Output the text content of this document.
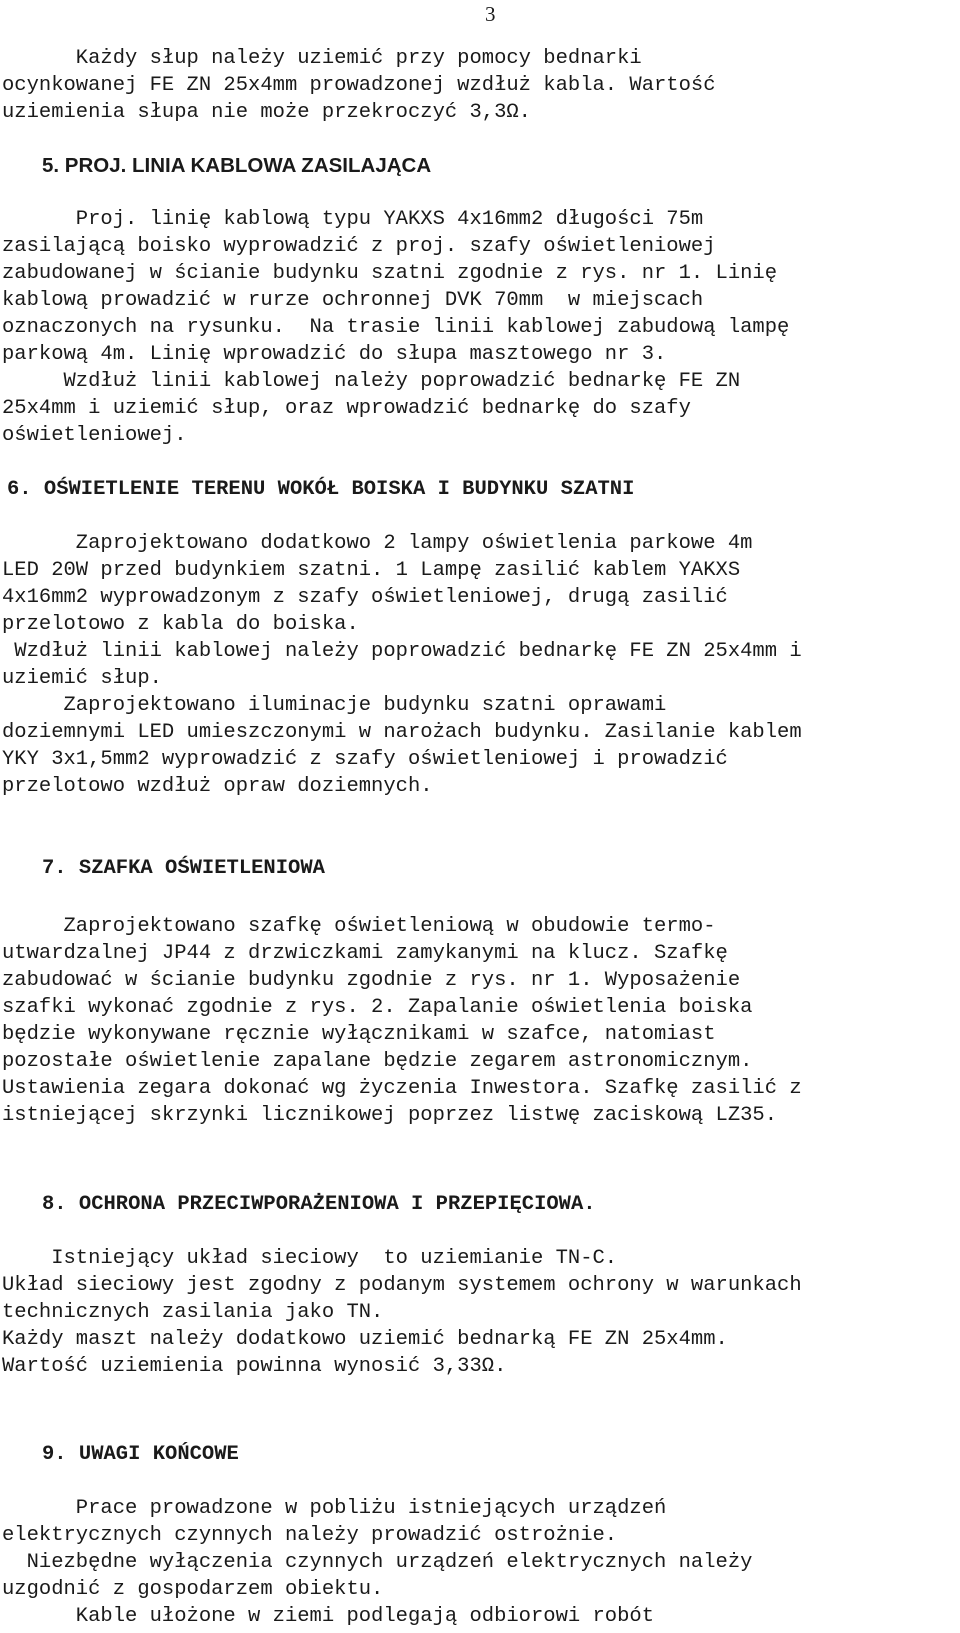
3
Każdy słup należy uziemić przy pomocy bednarki
ocynkowanej FE ZN 25x4mm prowadzonej wzdłuż kabla. Wartość
uziemienia słupa nie może przekroczyć 3,3Ω.
5. PROJ. LINIA KABLOWA ZASILAJĄCA
Proj. linię kablową typu YAKXS 4x16mm2 długości 75m
zasilającą boisko wyprowadzić z proj. szafy oświetleniowej
zabudowanej w ścianie budynku szatni zgodnie z rys. nr 1. Linię
kablową prowadzić w rurze ochronnej DVK 70mm  w miejscach
oznaczonych na rysunku.  Na trasie linii kablowej zabudową lampę
parkową 4m. Linię wprowadzić do słupa masztowego nr 3.
Wzdłuż linii kablowej należy poprowadzić bednarkę FE ZN
25x4mm i uziemić słup, oraz wprowadzić bednarkę do szafy
oświetleniowej.
6. OŚWIETLENIE TERENU WOKÓŁ BOISKA I BUDYNKU SZATNI
Zaprojektowano dodatkowo 2 lampy oświetlenia parkowe 4m
LED 20W przed budynkiem szatni. 1 Lampę zasilić kablem YAKXS
4x16mm2 wyprowadzonym z szafy oświetleniowej, drugą zasilić
przelotowo z kabla do boiska.
Wzdłuż linii kablowej należy poprowadzić bednarkę FE ZN 25x4mm i
uziemić słup.
Zaprojektowano iluminacje budynku szatni oprawami
doziemnymi LED umieszczonymi w narożach budynku. Zasilanie kablem
YKY 3x1,5mm2 wyprowadzić z szafy oświetleniowej i prowadzić
przelotowo wzdłuż opraw doziemnych.
7. SZAFKA OŚWIETLENIOWA
Zaprojektowano szafkę oświetleniową w obudowie termo-
utwardzalnej JP44 z drzwiczkami zamykanymi na klucz. Szafkę
zabudować w ścianie budynku zgodnie z rys. nr 1. Wyposażenie
szafki wykonać zgodnie z rys. 2. Zapalanie oświetlenia boiska
będzie wykonywane ręcznie wyłącznikami w szafce, natomiast
pozostałe oświetlenie zapalane będzie zegarem astronomicznym.
Ustawienia zegara dokonać wg życzenia Inwestora. Szafkę zasilić z
istniejącej skrzynki licznikowej poprzez listwę zaciskową LZ35.
8. OCHRONA PRZECIWPORAŻENIOWA I PRZEPIĘCIOWA.
Istniejący układ sieciowy  to uziemianie TN-C.
Układ sieciowy jest zgodny z podanym systemem ochrony w warunkach
technicznych zasilania jako TN.
Każdy maszt należy dodatkowo uziemić bednarką FE ZN 25x4mm.
Wartość uziemienia powinna wynosić 3,33Ω.
9. UWAGI KOŃCOWE
Prace prowadzone w pobliżu istniejących urządzeń
elektrycznych czynnych należy prowadzić ostrożnie.
Niezbędne wyłączenia czynnych urządzeń elektrycznych należy
uzgodnić z gospodarzem obiektu.
Kable ułożone w ziemi podlegają odbiorowi robót
